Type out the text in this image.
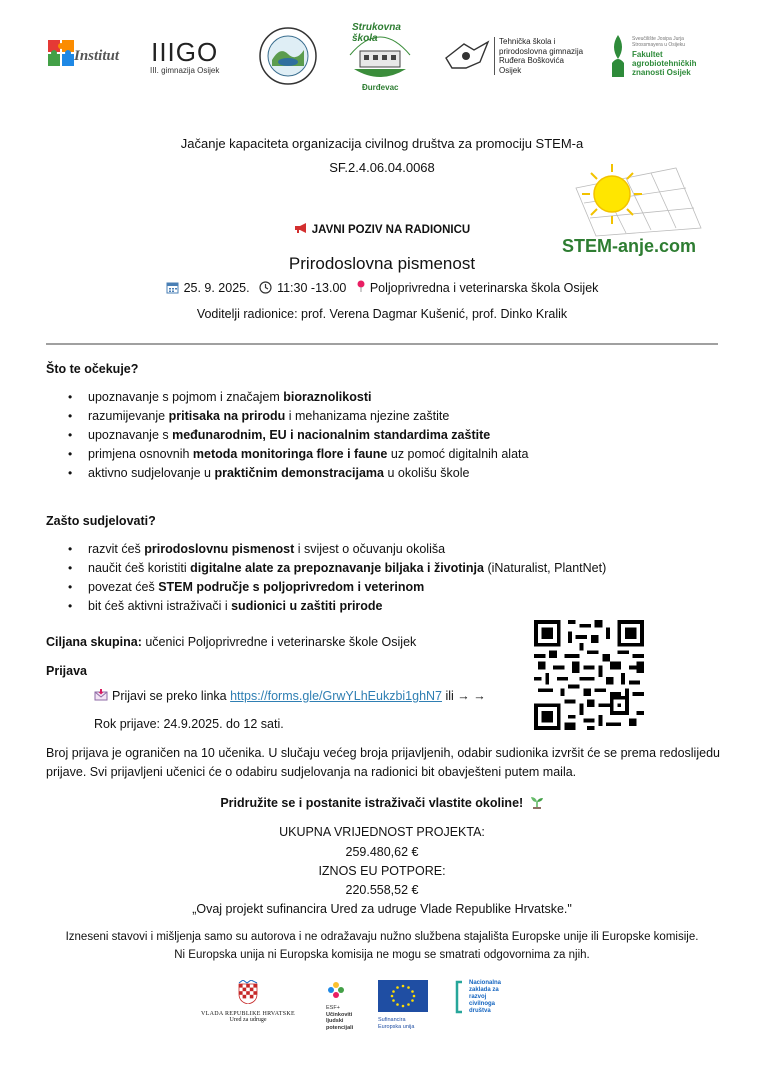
Institut IIIGO
III. gimnazija Osijek
Strukovna škola
Đurđevac
Tehnička škola i
prirodoslovna gimnazija
Ruđera Boškovića
Osijek
Sveučilište Josipa Jurja
Strossmayera u Osijeku
Fakultet
agrobiotehničkih
znanosti Osijek
Jačanje kapaciteta organizacija civilnog društva za promociju STEM-a
SF.2.4.06.04.0068
STEM-anje.com
JAVNI POZIV NA RADIONICU
Prirodoslovna pismenost
25. 9. 2025. 11:30 -13.00 Poljoprivredna i veterinarska škola Osijek
Voditelji radionice: prof. Verena Dagmar Kušenić, prof. Dinko Kralik
Što te očekuje?
• upoznavanje s pojmom i značajem bioraznolikosti
• razumijevanje pritisaka na prirodu i mehanizama njezine zaštite
• upoznavanje s međunarodnim, EU i nacionalnim standardima zaštite
• primjena osnovnih metoda monitoringa flore i faune uz pomoć digitalnih alata
• aktivno sudjelovanje u praktičnim demonstracijama u okolišu škole
Zašto sudjelovati?
• razvit ćeš prirodoslovnu pismenost i svijest o očuvanju okoliša
• naučit ćeš koristiti digitalne alate za prepoznavanje biljaka i životinja (iNaturalist, PlantNet)
• povezat ćeš STEM područje s poljoprivredom i veterinom
• bit ćeš aktivni istraživači i sudionici u zaštiti prirode
Ciljana skupina: učenici Poljoprivredne i veterinarske škole Osijek
Prijava
Prijavi se preko linka https://forms.gle/GrwYLhEukzbi1ghN7 ili → →
Rok prijave: 24.9.2025. do 12 sati.
Broj prijava je ograničen na 10 učenika. U slučaju većeg broja prijavljenih, odabir sudionika izvršit će se prema redoslijedu prijave. Svi prijavljeni učenici će o odabiru sudjelovanja na radionici bit obavješteni putem maila.
Pridružite se i postanite istraživači vlastite okoline!
UKUPNA VRIJEDNOST PROJEKTA:
259.480,62 €
IZNOS EU POTPORE:
220.558,52 €
„Ovaj projekt sufinancira Ured za udruge Vlade Republike Hrvatske."
Izneseni stavovi i mišljenja samo su autorova i ne odražavaju nužno službena stajališta Europske unije ili Europske komisije. Ni Europska unija ni Europska komisija ne mogu se smatrati odgovornima za njih.
VLADA REPUBLIKE HRVATSKE
Ured za udruge
ESF+
Učinkoviti
ljudski
potencijali
Sufinancira
Europska unija
Nacionalna
zaklada za
razvoj
civilnoga
društva
